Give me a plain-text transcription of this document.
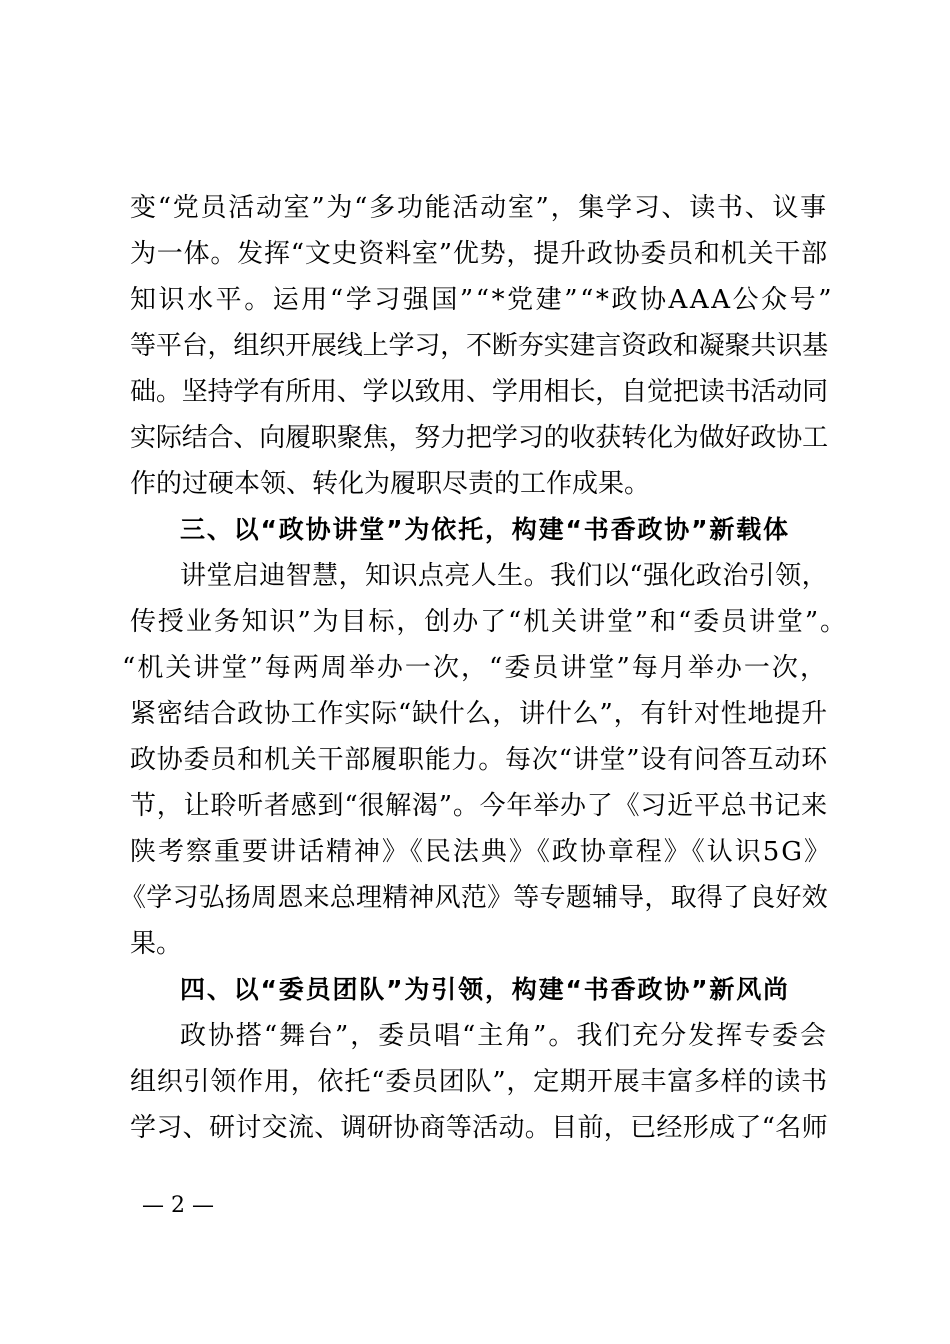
变“党员活动室”为“多功能活动室”，集学习、读书、议事
为一体。发挥“文史资料室”优势，提升政协委员和机关干部
知识水平。运用“学习强国”“*党建”“*政协AAA公众号”
等平台，组织开展线上学习，不断夯实建言资政和凝聚共识基
础。坚持学有所用、学以致用、学用相长，自觉把读书活动同
实际结合、向履职聚焦，努力把学习的收获转化为做好政协工
作的过硬本领、转化为履职尽责的工作成果。
三、以“政协讲堂”为依托，构建“书香政协”新载体
讲堂启迪智慧，知识点亮人生。我们以“强化政治引领，
传授业务知识”为目标，创办了“机关讲堂”和“委员讲堂”。
“机关讲堂”每两周举办一次，“委员讲堂”每月举办一次，
紧密结合政协工作实际“缺什么，讲什么”，有针对性地提升
政协委员和机关干部履职能力。每次“讲堂”设有问答互动环
节，让聆听者感到“很解渴”。今年举办了《习近平总书记来
陕考察重要讲话精神》《民法典》《政协章程》《认识5G》
《学习弘扬周恩来总理精神风范》等专题辅导，取得了良好效
果。
四、以“委员团队”为引领，构建“书香政协”新风尚
政协搭“舞台”，委员唱“主角”。我们充分发挥专委会
组织引领作用，依托“委员团队”，定期开展丰富多样的读书
学习、研讨交流、调研协商等活动。目前，已经形成了“名师
— 2 —
